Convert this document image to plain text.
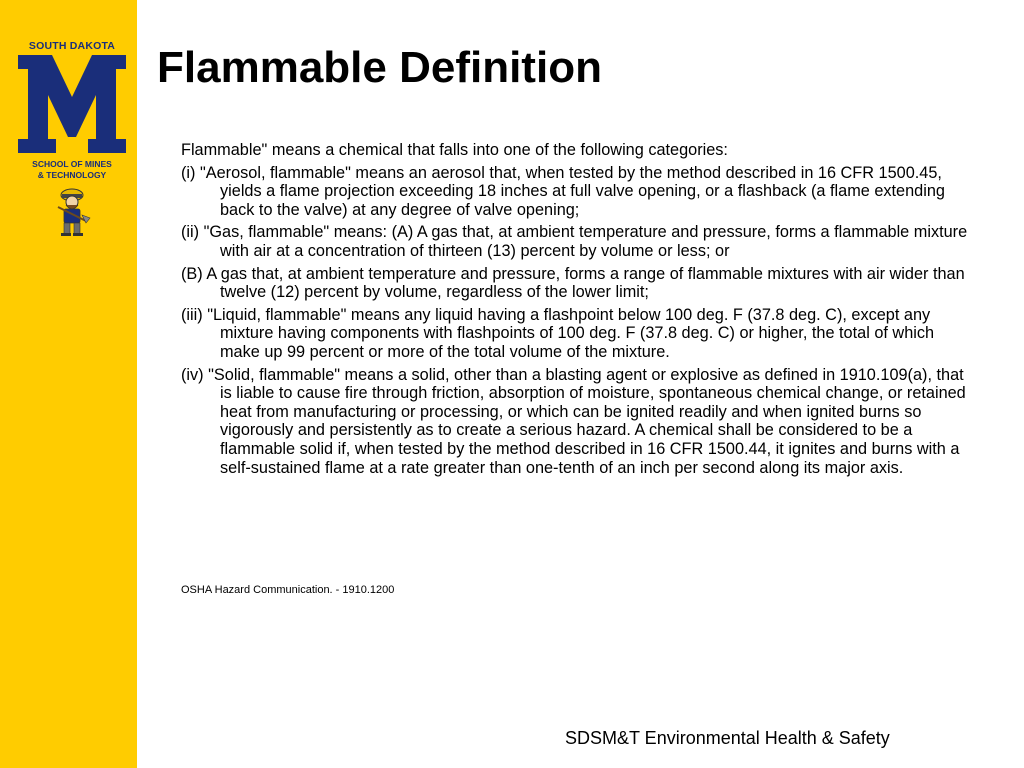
SOUTH DAKOTA
SCHOOL OF MINES
& TECHNOLOGY
Flammable Definition

Flammable" means a chemical that falls into one of the following categories:

(i) "Aerosol, flammable" means an aerosol that, when tested by the method described in 16 CFR 1500.45, yields a flame projection exceeding 18 inches at full valve opening, or a flashback (a flame extending back to the valve) at any degree of valve opening;

(ii) "Gas, flammable" means: (A) A gas that, at ambient temperature and pressure, forms a flammable mixture with air at a concentration of thirteen (13) percent by volume or less; or

(B) A gas that, at ambient temperature and pressure, forms a range of flammable mixtures with air wider than twelve (12) percent by volume, regardless of the lower limit;

(iii) "Liquid, flammable" means any liquid having a flashpoint below 100 deg. F (37.8 deg. C), except any mixture having components with flashpoints of 100 deg. F (37.8 deg. C) or higher, the total of which make up 99 percent or more of the total volume of the mixture.

(iv) "Solid, flammable" means a solid, other than a blasting agent or explosive as defined in 1910.109(a), that is liable to cause fire through friction, absorption of moisture, spontaneous chemical change, or retained heat from manufacturing or processing, or which can be ignited readily and when ignited burns so vigorously and persistently as to create a serious hazard. A chemical shall be considered to be a flammable solid if, when tested by the method described in 16 CFR 1500.44, it ignites and burns with a self-sustained flame at a rate greater than one-tenth of an inch per second along its major axis.

OSHA Hazard Communication. - 1910.1200
SDSM&T Environmental Health & Safety
